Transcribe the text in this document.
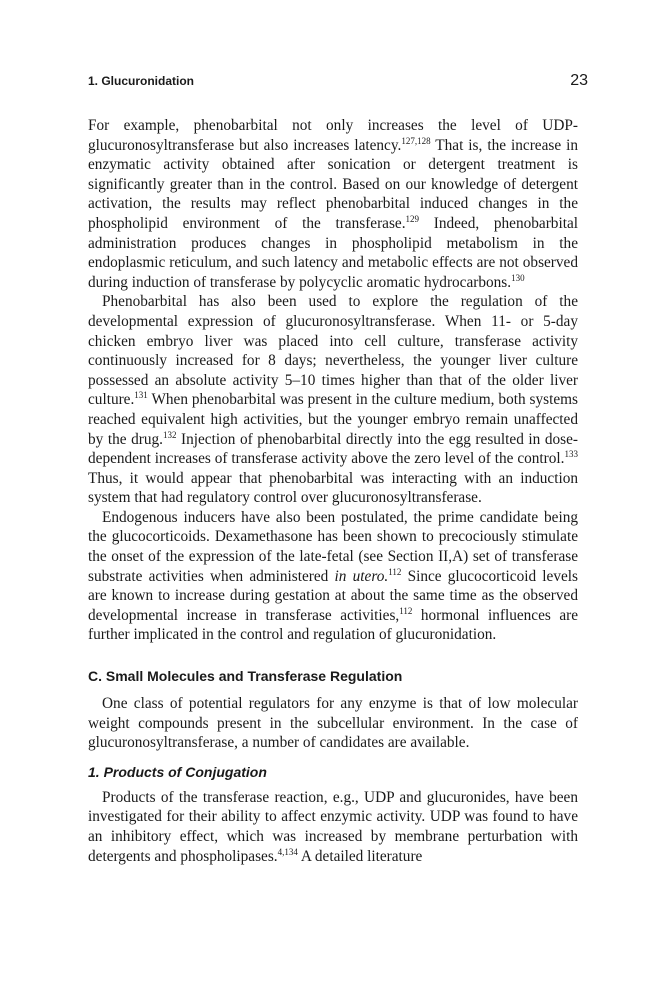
1. Glucuronidation	23

For example, phenobarbital not only increases the level of UDP-glucuronosyltransferase but also increases latency.$^{127,128}$ That is, the increase in enzymatic activity obtained after sonication or detergent treatment is significantly greater than in the control. Based on our knowledge of detergent activation, the results may reflect phenobarbital induced changes in the phospholipid environment of the transferase.$^{129}$ Indeed, phenobarbital administration produces changes in phospholipid metabolism in the endoplasmic reticulum, and such latency and metabolic effects are not observed during induction of transferase by polycyclic aromatic hydrocarbons.$^{130}$

Phenobarbital has also been used to explore the regulation of the developmental expression of glucuronosyltransferase. When 11- or 5-day chicken embryo liver was placed into cell culture, transferase activity continuously increased for 8 days; nevertheless, the younger liver culture possessed an absolute activity 5–10 times higher than that of the older liver culture.$^{131}$ When phenobarbital was present in the culture medium, both systems reached equivalent high activities, but the younger embryo remain unaffected by the drug.$^{132}$ Injection of phenobarbital directly into the egg resulted in dose-dependent increases of transferase activity above the zero level of the control.$^{133}$ Thus, it would appear that phenobarbital was interacting with an induction system that had regulatory control over glucuronosyltransferase.

Endogenous inducers have also been postulated, the prime candidate being the glucocorticoids. Dexamethasone has been shown to precociously stimulate the onset of the expression of the late-fetal (see Section II,A) set of transferase substrate activities when administered in utero.$^{112}$ Since glucocorticoid levels are known to increase during gestation at about the same time as the observed developmental increase in transferase activities,$^{112}$ hormonal influences are further implicated in the control and regulation of glucuronidation.

C. Small Molecules and Transferase Regulation

One class of potential regulators for any enzyme is that of low molecular weight compounds present in the subcellular environment. In the case of glucuronosyltransferase, a number of candidates are available.

1. Products of Conjugation

Products of the transferase reaction, e.g., UDP and glucuronides, have been investigated for their ability to affect enzymic activity. UDP was found to have an inhibitory effect, which was increased by membrane perturbation with detergents and phospholipases.$^{4,134}$ A detailed literature
